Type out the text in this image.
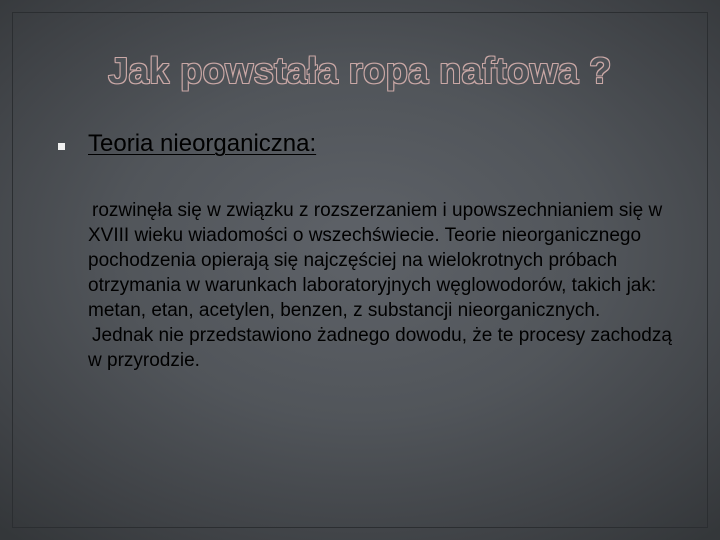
Jak powstała ropa naftowa ?
Teoria nieorganiczna:

rozwinęła się w związku z rozszerzaniem i upowszechnianiem się w XVIII wieku wiadomości o wszechświecie. Teorie nieorganicznego pochodzenia opierają się najczęściej na wielokrotnych próbach otrzymania w warunkach laboratoryjnych węglowodorów, takich jak: metan, etan, acetylen, benzen, z substancji nieorganicznych.

Jednak nie przedstawiono żadnego dowodu, że te procesy zachodzą w przyrodzie.
